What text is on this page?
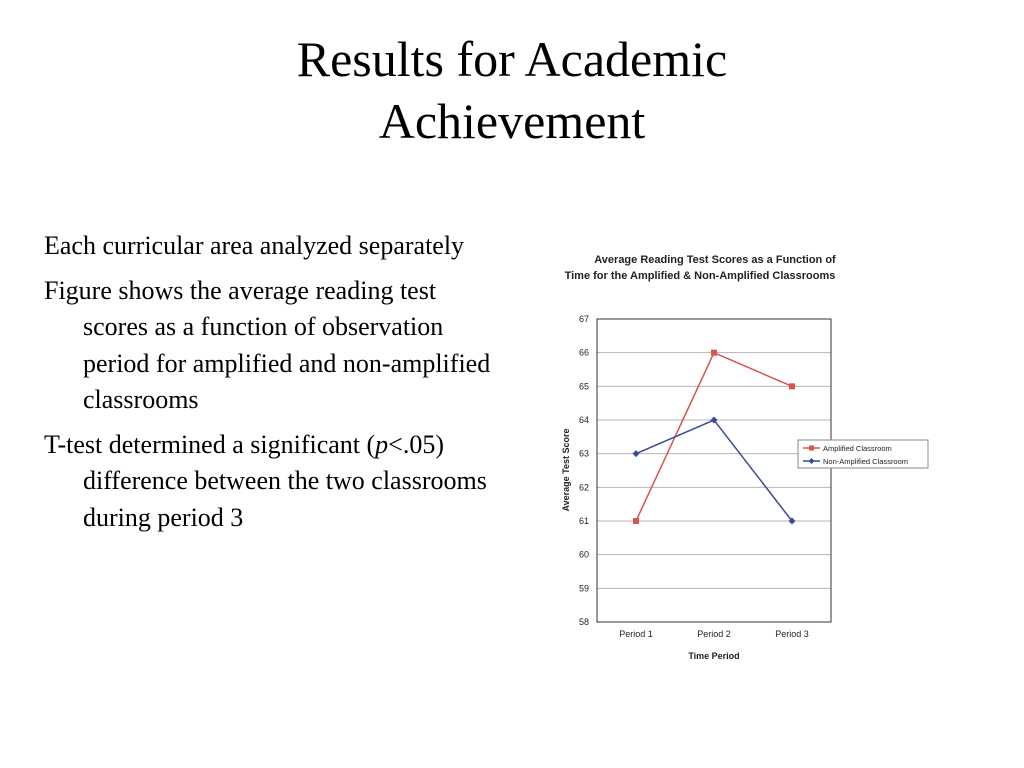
Results for Academic
Achievement
Each curricular area analyzed separately
Figure shows the average reading test scores as a function of observation period for amplified and non-amplified classrooms
T-test determined a significant (p<.05) difference between the two classrooms during period 3
Average Reading Test Scores as a Function of
Time for the Amplified & Non-Amplified Classrooms
58
59
60
61
62
63
64
65
66
67
Period 1	Period 2	Period 3
Time Period
Average Test Score	Amplified Classroom
Non-Amplified Classroom
